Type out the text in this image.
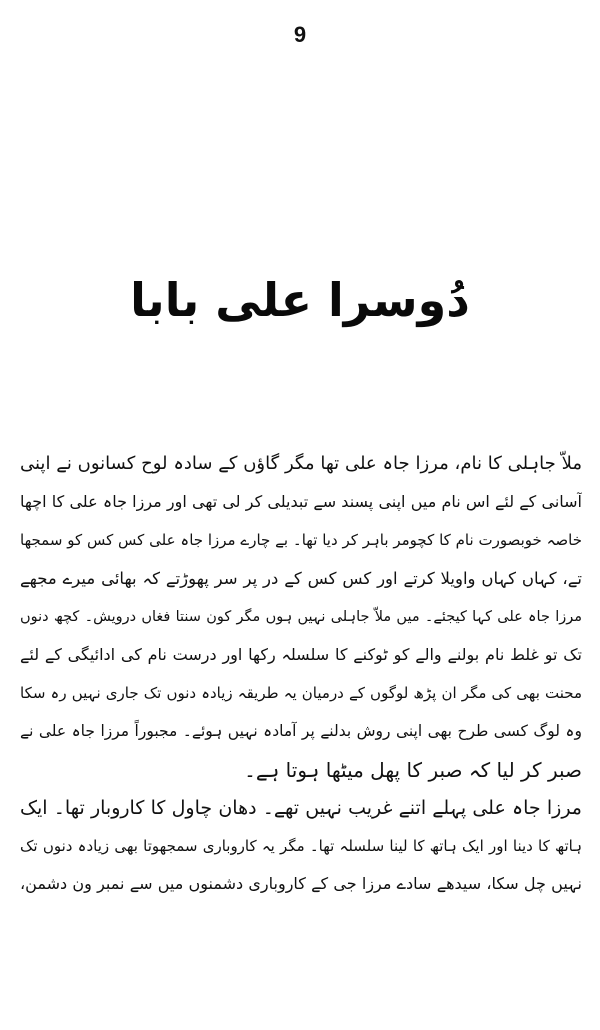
9
دُوسرا علی بابا
ملاّ جاہلی کا نام، مرزا جاہ علی تھا مگر گاؤں کے سادہ لوح کسانوں نے اپنی
آسانی کے لئے اس نام میں اپنی پسند سے تبدیلی کر لی تھی اور مرزا جاہ علی کا اچھا
خاصہ خوبصورت نام کا کچومر باہر کر دیا تھا۔ بے چارے مرزا جاہ علی کس کس کو سمجھا
تے، کہاں کہاں واویلا کرتے اور کس کس کے در پر سر پھوڑتے کہ بھائی میرے مجھے
مرزا جاہ علی کہا کیجئے۔ میں ملاّ جاہلی نہیں ہوں مگر کون سنتا فغاں درویش۔ کچھ دنوں
تک تو غلط نام بولنے والے کو ٹوکنے کا سلسلہ رکھا اور درست نام کی ادائیگی کے لئے
محنت بھی کی مگر ان پڑھ لوگوں کے درمیان یہ طریقہ زیادہ دنوں تک جاری نہیں رہ سکا
وہ لوگ کسی طرح بھی اپنی روش بدلنے پر آمادہ نہیں ہوئے۔ مجبوراً مرزا جاہ علی نے
صبر کر لیا کہ صبر کا پھل میٹھا ہوتا ہے۔
مرزا جاہ علی پہلے اتنے غریب نہیں تھے۔ دھان چاول کا کاروبار تھا۔ ایک
ہاتھ کا دینا اور ایک ہاتھ کا لینا سلسلہ تھا۔ مگر یہ کاروباری سمجھوتا بھی زیادہ دنوں تک
نہیں چل سکا، سیدھے سادے مرزا جی کے کاروباری دشمنوں میں سے نمبر ون دشمن،
